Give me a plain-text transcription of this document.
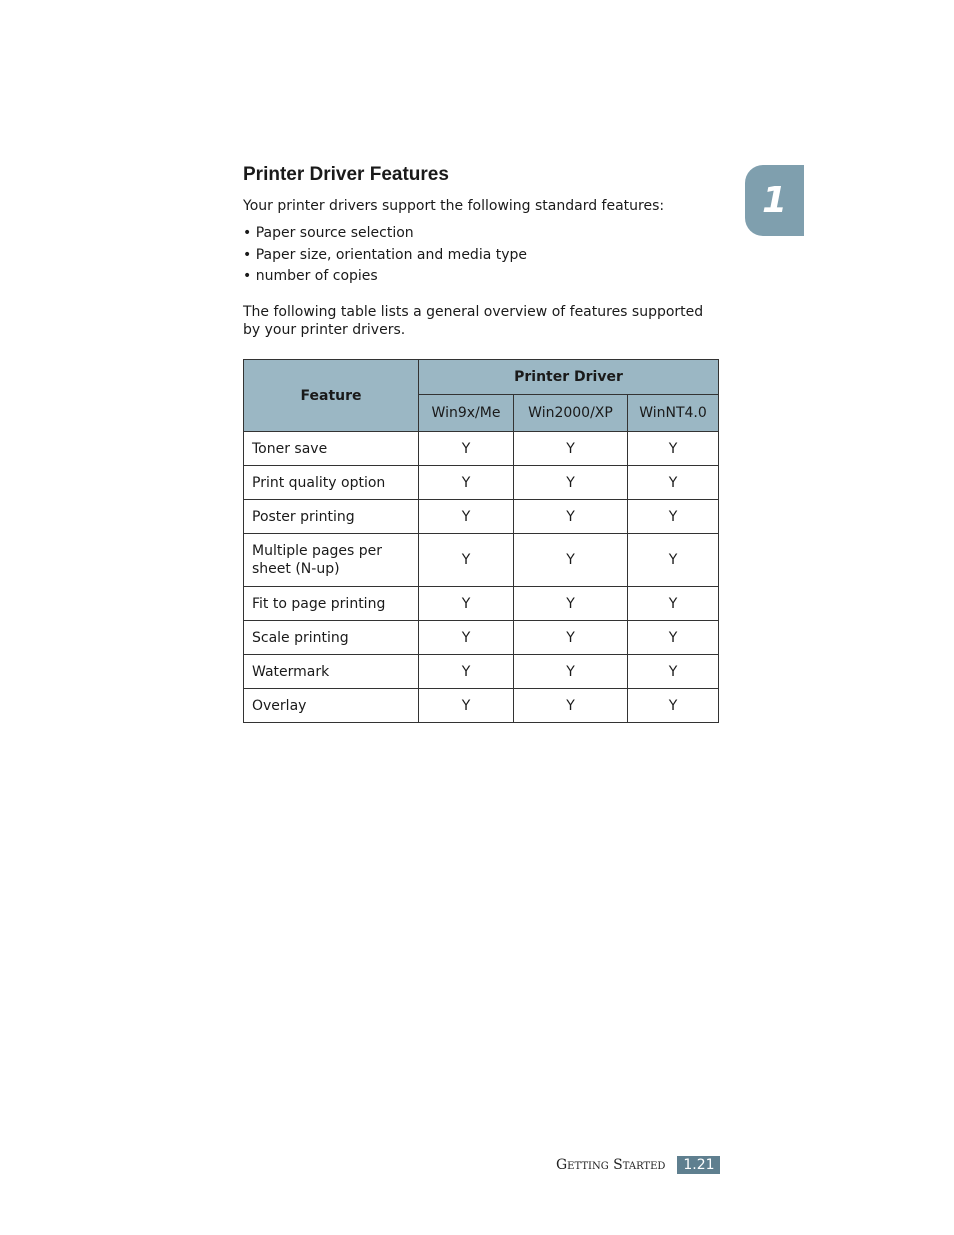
1
Printer Driver Features

Your printer drivers support the following standard features:

• Paper source selection
• Paper size, orientation and media type
• number of copies

The following table lists a general overview of features supported by your printer drivers.

Feature	Printer Driver		
	Win9x/Me	Win2000/XP	WinNT4.0
Toner save	Y	Y	Y
Print quality option	Y	Y	Y
Poster printing	Y	Y	Y
Multiple pages per sheet (N-up)	Y	Y	Y
Fit to page printing	Y	Y	Y
Scale printing	Y	Y	Y
Watermark	Y	Y	Y
Overlay	Y	Y	Y
Getting Started	1.21
